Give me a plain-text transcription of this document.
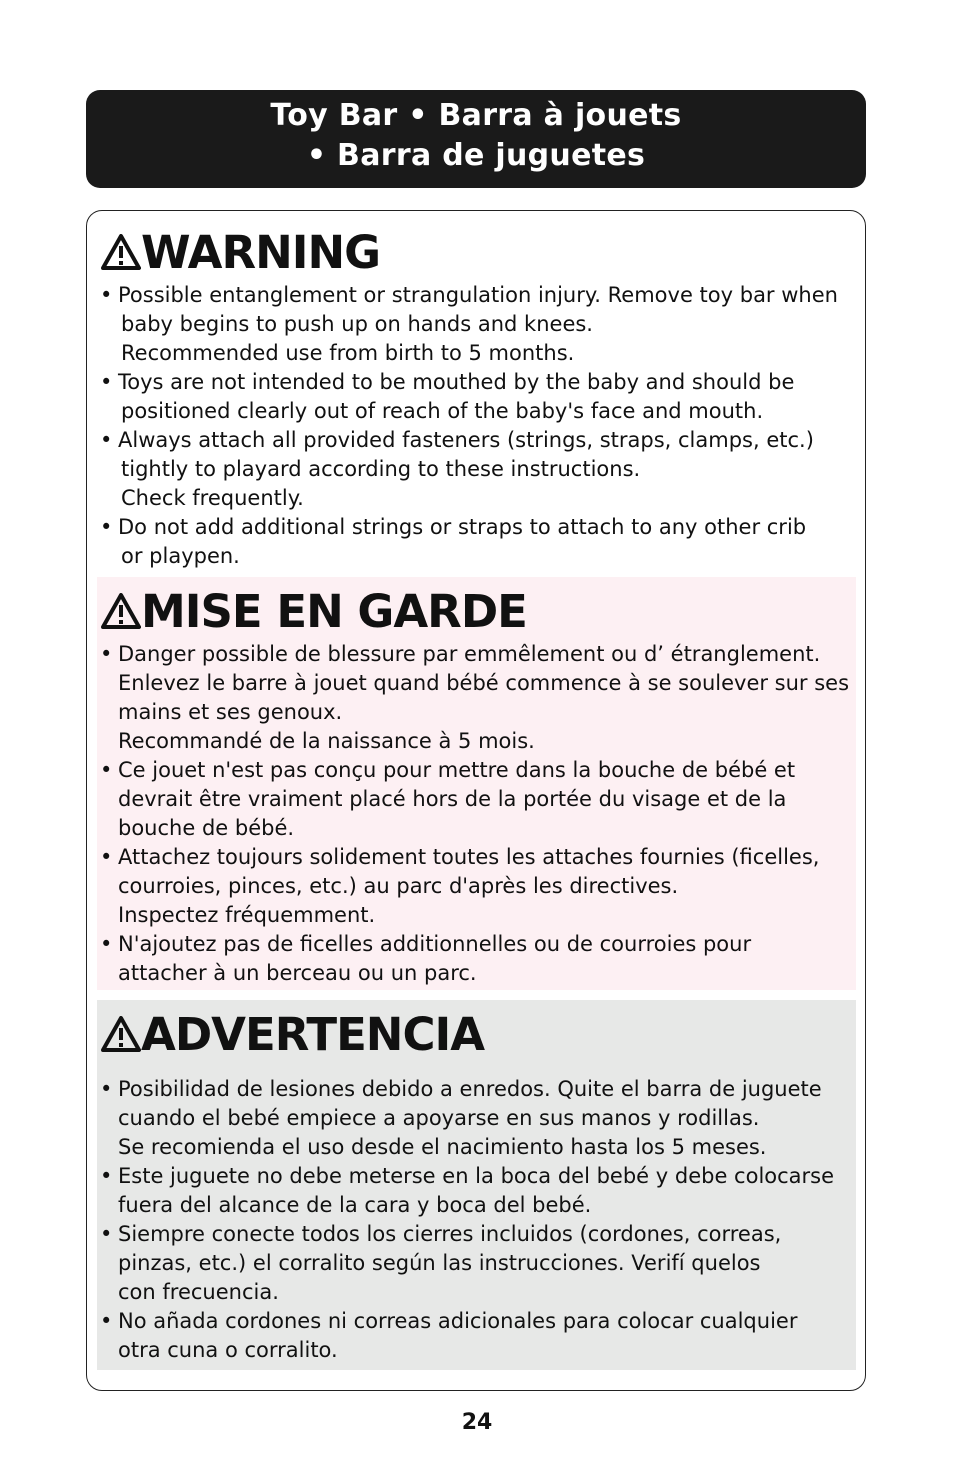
Toy Bar • Barra à jouets
• Barra de juguetes
WARNING
• Possible entanglement or strangulation injury. Remove toy bar when
baby begins to push up on hands and knees.
Recommended use from birth to 5 months.
• Toys are not intended to be mouthed by the baby and should be
positioned clearly out of reach of the baby's face and mouth.
• Always attach all provided fasteners (strings, straps, clamps, etc.)
tightly to playard according to these instructions.
Check frequently.
• Do not add additional strings or straps to attach to any other crib
or playpen.
MISE EN GARDE
• Danger possible de blessure par emmêlement ou d’ étranglement.
Enlevez le barre à jouet quand bébé commence à se soulever sur ses
mains et ses genoux.
Recommandé de la naissance à 5 mois.
• Ce jouet n'est pas conçu pour mettre dans la bouche de bébé et
devrait être vraiment placé hors de la portée du visage et de la
bouche de bébé.
• Attachez toujours solidement toutes les attaches fournies (ficelles,
courroies, pinces, etc.) au parc d'après les directives.
Inspectez fréquemment.
• N'ajoutez pas de ficelles additionnelles ou de courroies pour
attacher à un berceau ou un parc.
ADVERTENCIA
• Posibilidad de lesiones debido a enredos. Quite el barra de juguete
cuando el bebé empiece a apoyarse en sus manos y rodillas.
Se recomienda el uso desde el nacimiento hasta los 5 meses.
• Este juguete no debe meterse en la boca del bebé y debe colocarse
fuera del alcance de la cara y boca del bebé.
• Siempre conecte todos los cierres incluidos (cordones, correas,
pinzas, etc.) el corralito según las instrucciones. Verifí quelos
con frecuencia.
• No añada cordones ni correas adicionales para colocar cualquier
otra cuna o corralito.
24
